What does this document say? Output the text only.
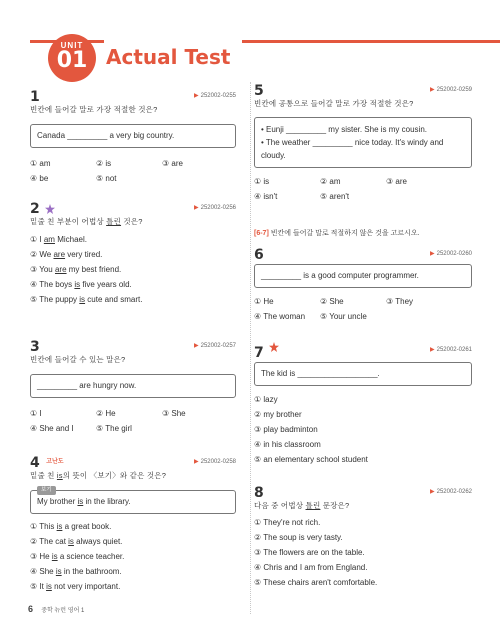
UNIT
01 Actual Test
1	▶ 252002-0255
빈칸에 들어갈 말로 가장 적절한 것은?
Canada _________ a very big country.
① am	② is	③ are
④ be	⑤ not
2	▶ 252002-0256
밑줄 친 부분이 어법상 틀린 것은?
① I am Michael.
② We are very tired.
③ You are my best friend.
④ The boys is five years old.
⑤ The puppy is cute and smart.
3	▶ 252002-0257
빈칸에 들어갈 수 있는 말은?
_________ are hungry now.
① I	② He	③ She
④ She and I	⑤ The girl
4 $^{고난도}$	▶ 252002-0258
밑줄 친 is의 뜻이 〈보기〉와 같은 것은?
보기
My brother is in the library.
① This is a great book.
② The cat is always quiet.
③ He is a science teacher.
④ She is in the bathroom.
⑤ It is not very important.
5	▶ 252002-0259
빈칸에 공통으로 들어갈 말로 가장 적절한 것은?
• Eunji _________ my sister. She is my cousin.
• The weather _________ nice today. It's windy and cloudy.
① is	② am	③ are
④ isn't	⑤ aren't
[6-7] 빈칸에 들어갈 말로 적절하지 않은 것을 고르시오.
6	▶ 252002-0260
_________ is a good computer programmer.
① He	② She	③ They
④ The woman	⑤ Your uncle
7	▶ 252002-0261
The kid is __________________.
① lazy
② my brother
③ play badminton
④ in his classroom
⑤ an elementary school student
8	▶ 252002-0262
다음 중 어법상 틀린 문장은?
① They're not rich.
② The soup is very tasty.
③ The flowers are on the table.
④ Chris and I am from England.
⑤ These chairs aren't comfortable.
6 중학 뉴런 영어 1
